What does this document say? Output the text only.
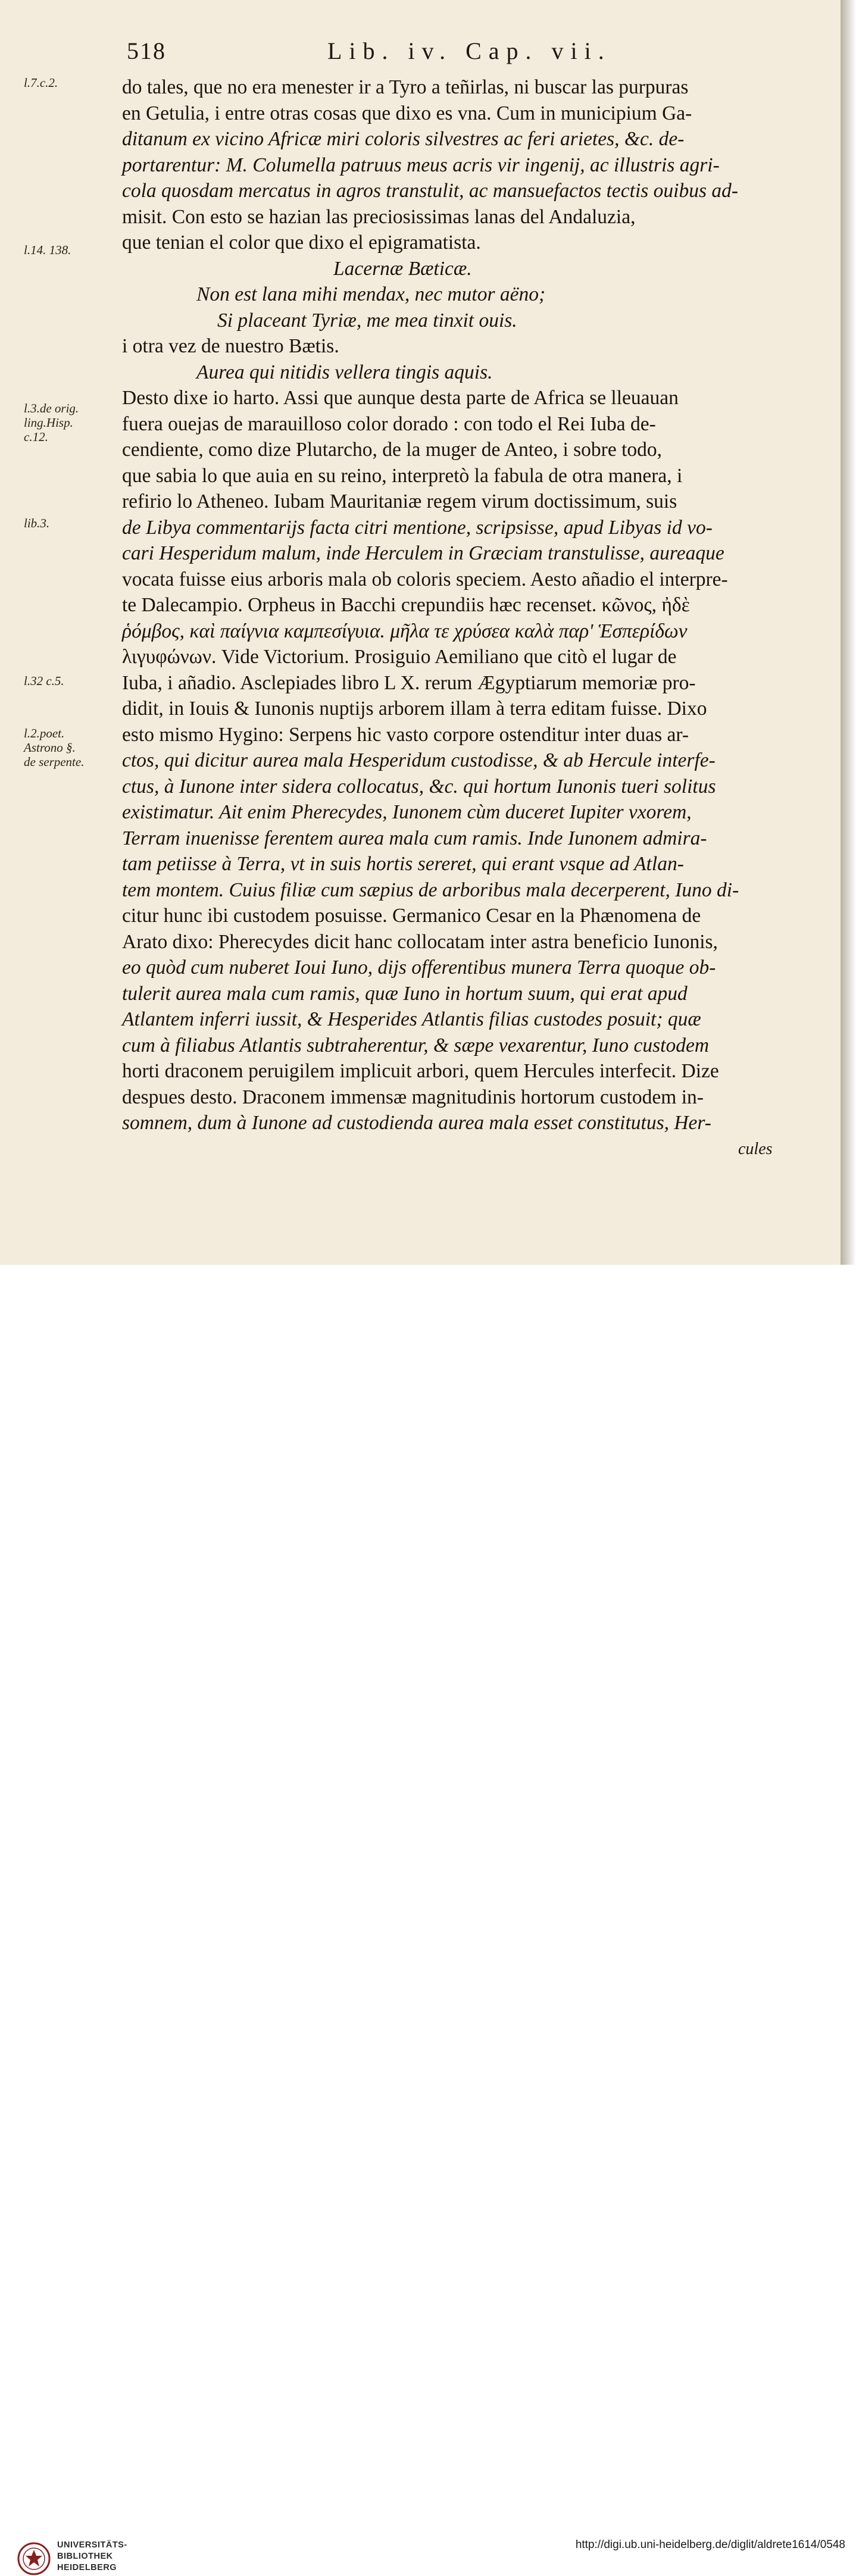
518	Lib. iv. Cap. vii.
l.7.c.2.
l.14. 138.
l.3.de orig.
ling.Hisp.
c.12.
lib.3.
l.32 c.5.
l.2.poet.
Astrono §.
de serpente.
do tales, que no era menester ir a Tyro a teñirlas, ni buscar las purpuras
en Getulia, i entre otras cosas que dixo es vna. Cum in municipium Ga-
ditanum ex vicino Africæ miri coloris silvestres ac feri arietes, &c. de-
portarentur: M. Columella patruus meus acris vir ingenij, ac illustris agri-
cola quosdam mercatus in agros transtulit, ac mansuefactos tectis ouibus ad-
misit. Con esto se hazian las preciosissimas lanas del Andaluzia,
que tenian el color que dixo el epigramatista.
Lacernæ Bæticæ.
Non est lana mihi mendax, nec mutor aëno;
Si placeant Tyriæ, me mea tinxit ouis.
i otra vez de nuestro Bætis.
Aurea qui nitidis vellera tingis aquis.
Desto dixe io harto. Assi que aunque desta parte de Africa se lleuauan
fuera ouejas de marauilloso color dorado : con todo el Rei Iuba de-
cendiente, como dize Plutarcho, de la muger de Anteo, i sobre todo,
que sabia lo que auia en su reino, interpretò la fabula de otra manera, i
refirio lo Atheneo. Iubam Mauritaniæ regem virum doctissimum, suis
de Libya commentarijs facta citri mentione, scripsisse, apud Libyas id vo-
cari Hesperidum malum, inde Herculem in Græciam transtulisse, aureaque
vocata fuisse eius arboris mala ob coloris speciem. Aesto añadio el interpre-
te Dalecampio. Orpheus in Bacchi crepundiis hæc recenset. κῶνος, ἠδὲ
ῥόμβος, καὶ παίγνια καμπεσίγυια. μῆλα τε χρύσεα καλὰ παρ' Ἑσπερίδων
λιγυφώνων. Vide Victorium. Prosiguio Aemiliano que citò el lugar de
Iuba, i añadio. Asclepiades libro L X. rerum Ægyptiarum memoriæ pro-
didit, in Iouis & Iunonis nuptijs arborem illam à terra editam fuisse. Dixo
esto mismo Hygino: Serpens hic vasto corpore ostenditur inter duas ar-
ctos, qui dicitur aurea mala Hesperidum custodisse, & ab Hercule interfe-
ctus, à Iunone inter sidera collocatus, &c. qui hortum Iunonis tueri solitus
existimatur. Ait enim Pherecydes, Iunonem cùm duceret Iupiter vxorem,
Terram inuenisse ferentem aurea mala cum ramis. Inde Iunonem admira-
tam petiisse à Terra, vt in suis hortis sereret, qui erant vsque ad Atlan-
tem montem. Cuius filiæ cum sæpius de arboribus mala decerperent, Iuno di-
citur hunc ibi custodem posuisse. Germanico Cesar en la Phænomena de
Arato dixo: Pherecydes dicit hanc collocatam inter astra beneficio Iunonis,
eo quòd cum nuberet Ioui Iuno, dijs offerentibus munera Terra quoque ob-
tulerit aurea mala cum ramis, quæ Iuno in hortum suum, qui erat apud
Atlantem inferri iussit, & Hesperides Atlantis filias custodes posuit; quæ
cum à filiabus Atlantis subtraherentur, & sæpe vexarentur, Iuno custodem
horti draconem peruigilem implicuit arbori, quem Hercules interfecit. Dize
despues desto. Draconem immensæ magnitudinis hortorum custodem in-
somnem, dum à Iunone ad custodienda aurea mala esset constitutus, Her-
cules
UNIVERSITÄTS-
BIBLIOTHEK
HEIDELBERG
http://digi.ub.uni-heidelberg.de/diglit/aldrete1614/0548
